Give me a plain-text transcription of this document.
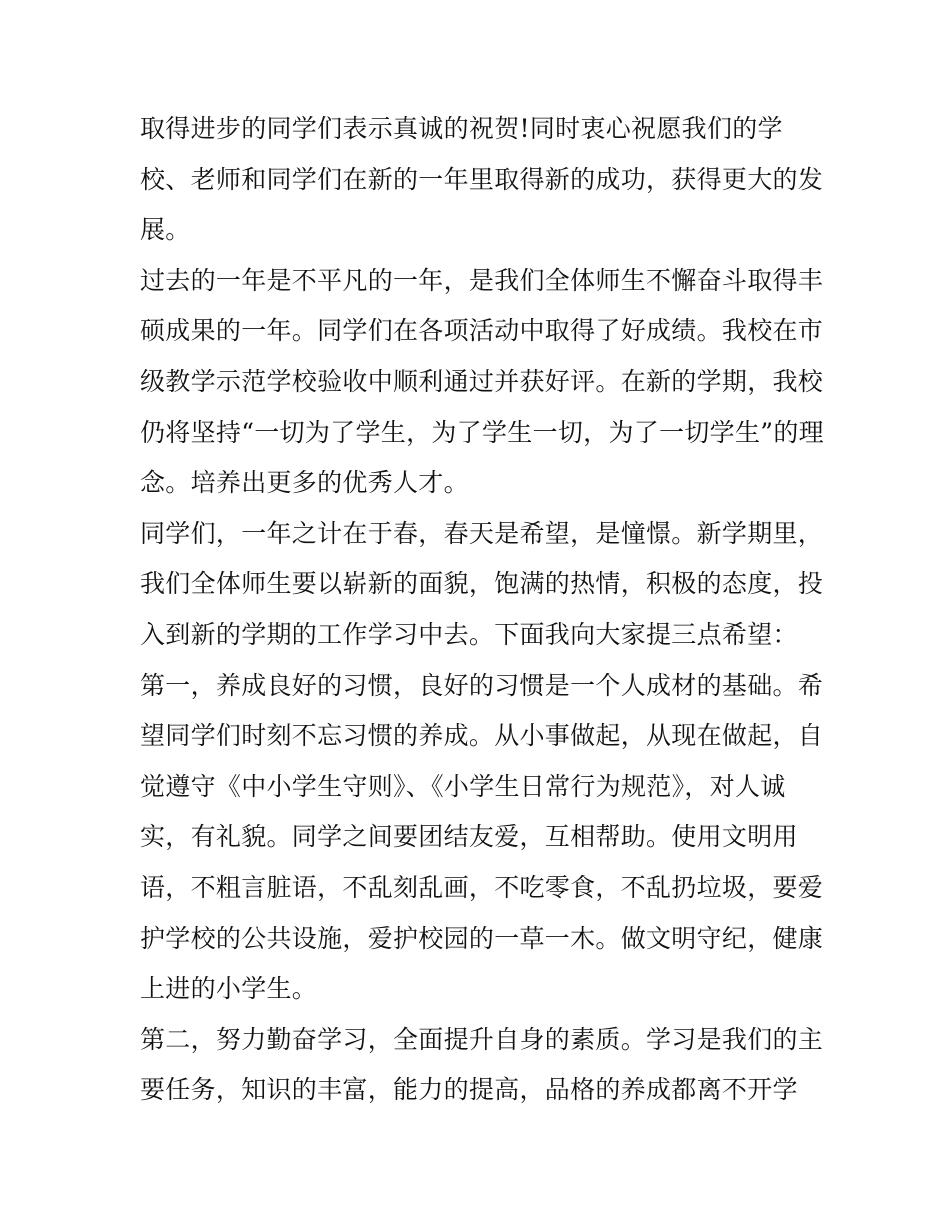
取得进步的同学们表示真诚的祝贺!同时衷心祝愿我们的学
校、老师和同学们在新的一年里取得新的成功，获得更大的发
展。
过去的一年是不平凡的一年，是我们全体师生不懈奋斗取得丰
硕成果的一年。同学们在各项活动中取得了好成绩。我校在市
级教学示范学校验收中顺利通过并获好评。在新的学期，我校
仍将坚持“一切为了学生，为了学生一切，为了一切学生”的理
念。培养出更多的优秀人才。
同学们，一年之计在于春，春天是希望，是憧憬。新学期里，
我们全体师生要以崭新的面貌，饱满的热情，积极的态度，投
入到新的学期的工作学习中去。下面我向大家提三点希望：
第一，养成良好的习惯，良好的习惯是一个人成材的基础。希
望同学们时刻不忘习惯的养成。从小事做起，从现在做起，自
觉遵守《中小学生守则》、《小学生日常行为规范》，对人诚
实，有礼貌。同学之间要团结友爱，互相帮助。使用文明用
语，不粗言脏语，不乱刻乱画，不吃零食，不乱扔垃圾，要爱
护学校的公共设施，爱护校园的一草一木。做文明守纪，健康
上进的小学生。
第二，努力勤奋学习，全面提升自身的素质。学习是我们的主
要任务，知识的丰富，能力的提高，品格的养成都离不开学
